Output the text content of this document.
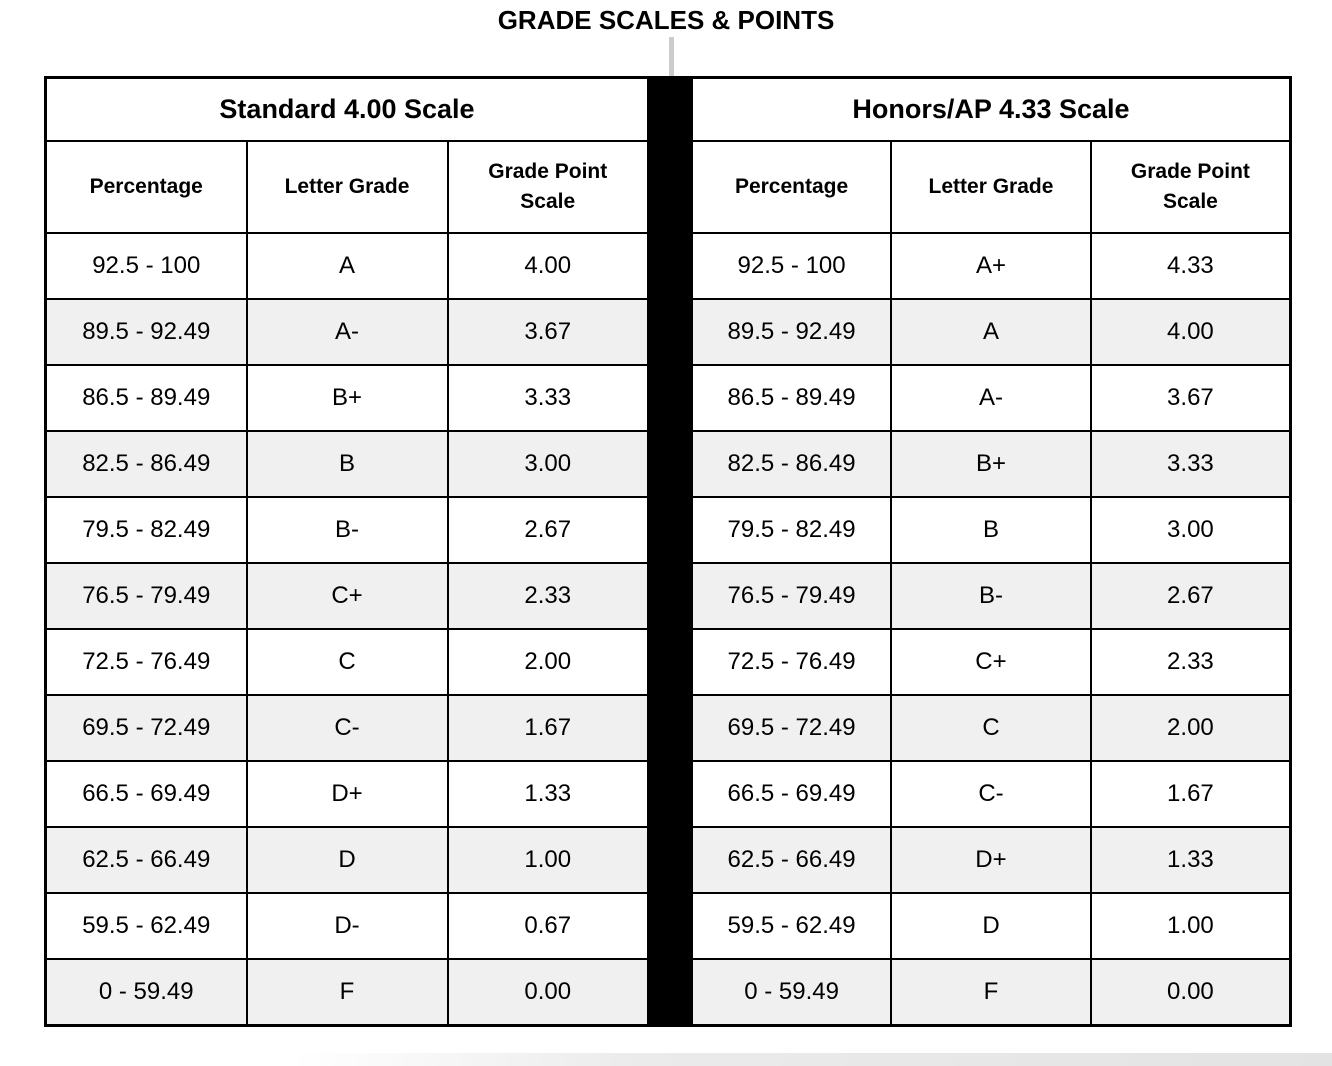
GRADE SCALES & POINTS
Standard 4.00 Scale		
Percentage	Letter Grade	Grade Point Scale
92.5 - 100	A	4.00
89.5 - 92.49	A-	3.67
86.5 - 89.49	B+	3.33
82.5 - 86.49	B	3.00
79.5 - 82.49	B-	2.67
76.5 - 79.49	C+	2.33
72.5 - 76.49	C	2.00
69.5 - 72.49	C-	1.67
66.5 - 69.49	D+	1.33
62.5 - 66.49	D	1.00
59.5 - 62.49	D-	0.67
0 - 59.49	F	0.00
Honors/AP 4.33 Scale		
Percentage	Letter Grade	Grade Point Scale
92.5 - 100	A+	4.33
89.5 - 92.49	A	4.00
86.5 - 89.49	A-	3.67
82.5 - 86.49	B+	3.33
79.5 - 82.49	B	3.00
76.5 - 79.49	B-	2.67
72.5 - 76.49	C+	2.33
69.5 - 72.49	C	2.00
66.5 - 69.49	C-	1.67
62.5 - 66.49	D+	1.33
59.5 - 62.49	D	1.00
0 - 59.49	F	0.00
